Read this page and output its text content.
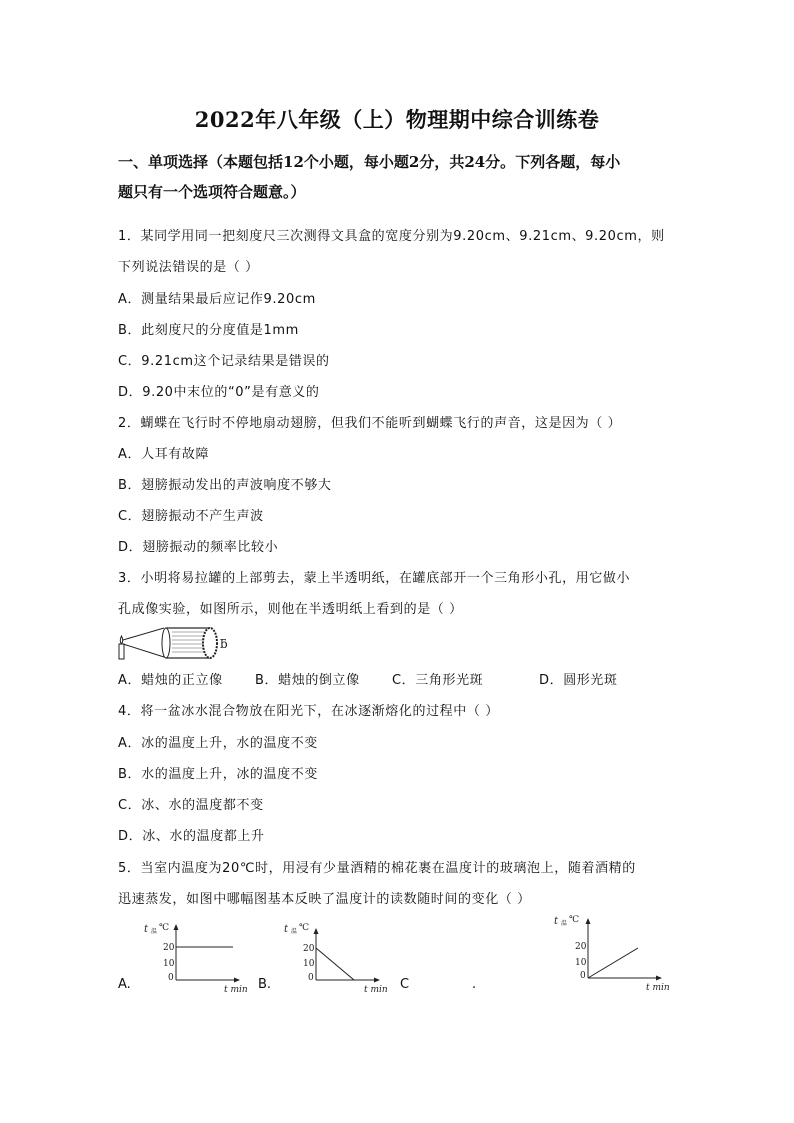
2022年八年级（上）物理期中综合训练卷
一、单项选择（本题包括12个小题，每小题2分，共24分。下列各题，每小
题只有一个选项符合题意。）
1．某同学用同一把刻度尺三次测得文具盒的宽度分别为9.20cm、9.21cm、9.20cm，则
下列说法错误的是（ ）
A．测量结果最后应记作9.20cm
B．此刻度尺的分度值是1mm
C．9.21cm这个记录结果是错误的
D．9.20中末位的“0”是有意义的
2．蝴蝶在飞行时不停地扇动翅膀，但我们不能听到蝴蝶飞行的声音，这是因为（ ）
A．人耳有故障
B．翅膀振动发出的声波响度不够大
C．翅膀振动不产生声波
D．翅膀振动的频率比较小
3．小明将易拉罐的上部剪去，蒙上半透明纸，在罐底部开一个三角形小孔，用它做小
孔成像实验，如图所示，则他在半透明纸上看到的是（ ）
ƃ
A．蜡烛的正立像 B．蜡烛的倒立像 C．三角形光斑	D．圆形光斑
4．将一盆冰水混合物放在阳光下，在冰逐渐熔化的过程中（ ）
A．冰的温度上升，水的温度不变
B．水的温度上升，冰的温度不变
C．冰、水的温度都不变
D．冰、水的温度都上升
5．当室内温度为20℃时，用浸有少量酒精的棉花裹在温度计的玻璃泡上，随着酒精的
迅速蒸发，如图中哪幅图基本反映了温度计的读数随时间的变化（ ）
A.	B.	C	.
t 温 ℃
20
10
0
t min
t 温 ℃
20
10
0
t min
t 温 ℃
20
10
0
t min
